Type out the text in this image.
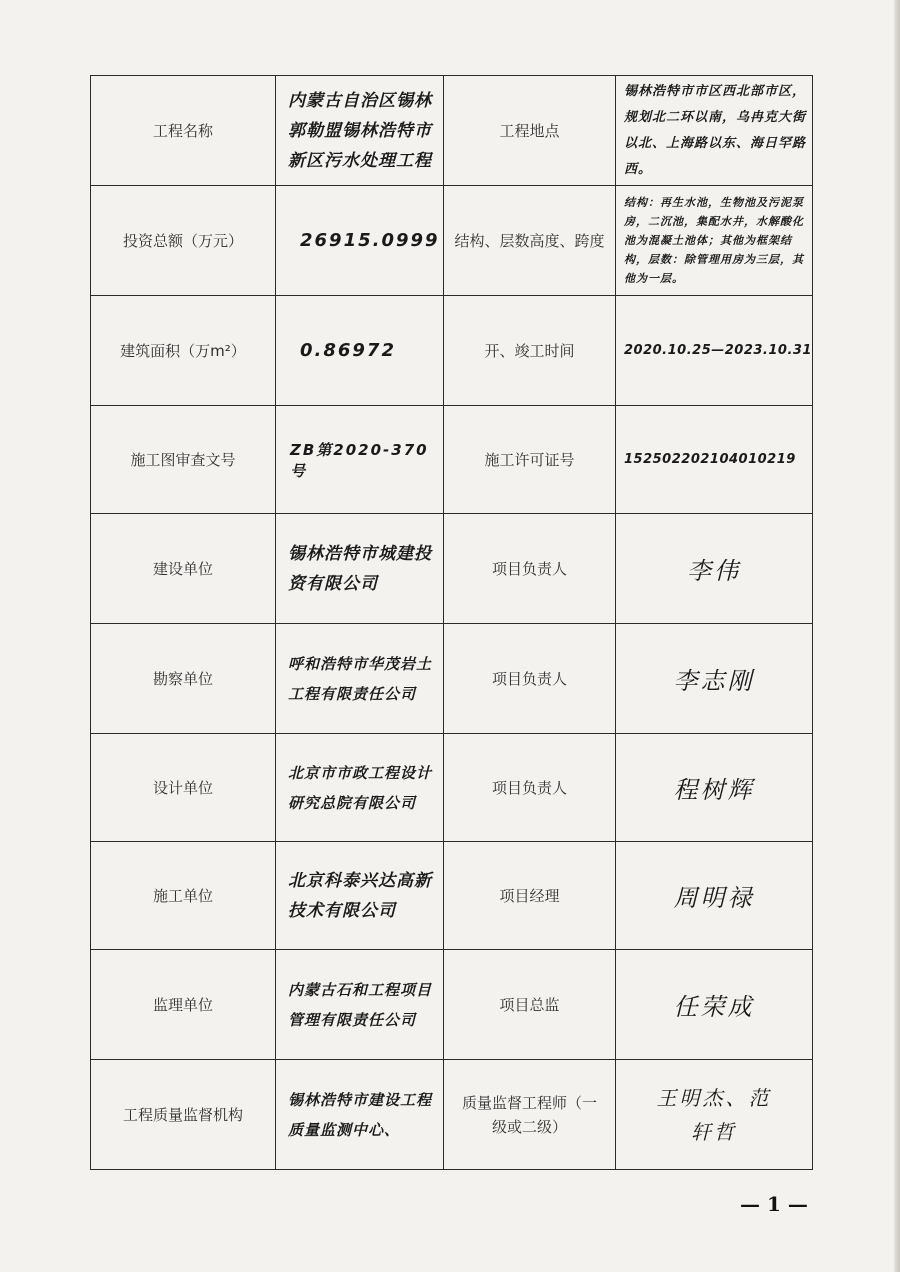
工程名称	内蒙古自治区锡林郭勒盟锡林浩特市新区污水处理工程	工程地点	锡林浩特市市区西北部市区，规划北二环以南，乌冉克大街以北、上海路以东、海日罕路西。
投资总额（万元）	26915.0999	结构、层数高度、跨度	结构：再生水池，生物池及污泥泵房，二沉池，集配水井，水解酸化池为混凝土池体；其他为框架结构，层数：除管理用房为三层，其他为一层。
建筑面积（万m²）	0.86972	开、竣工时间	2020.10.25—2023.10.31
施工图审查文号	ZB第2020-370号	施工许可证号	152502202104010219
建设单位	锡林浩特市城建投资有限公司	项目负责人	李伟
勘察单位	呼和浩特市华茂岩土工程有限责任公司	项目负责人	李志刚
设计单位	北京市市政工程设计研究总院有限公司	项目负责人	程树辉
施工单位	北京科泰兴达高新技术有限公司	项目经理	周明禄
监理单位	内蒙古石和工程项目管理有限责任公司	项目总监	任荣成
工程质量监督机构	锡林浩特市建设工程质量监测中心、	质量监督工程师（一级或二级）	王明杰、范轩哲
— 1 —
